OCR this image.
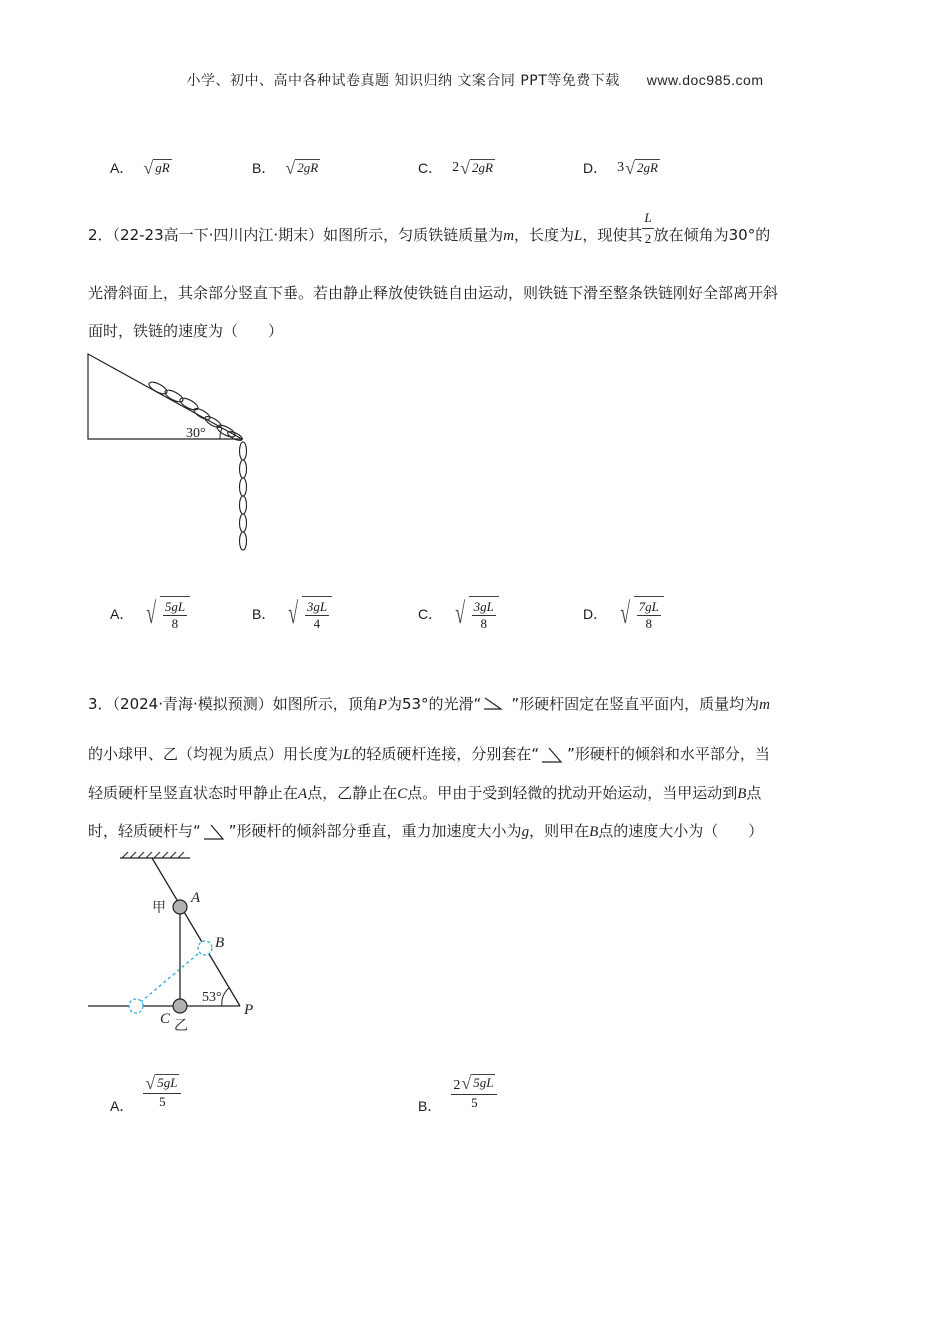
小学、初中、高中各种试卷真题 知识归纳 文案合同 PPT等免费下载 www.doc985.com
A． √ gR	B． √ 2gR	C． 2 √ 2gR	D． 3 √ 2gR
2．（22-23高一下·四川内江·期末）如图所示，匀质铁链质量为m，长度为L，现使其 $\frac{L}{2}$ 放在倾角为30°的
光滑斜面上，其余部分竖直下垂。若由静止释放使铁链自由运动，则铁链下滑至整条铁链刚好全部离开斜
面时，铁链的速度为（　　）
30°
A． √ $\frac{5gL}{8}$	B． √ $\frac{3gL}{4}$	C． √ $\frac{3gL}{8}$	D． √ $\frac{7gL}{8}$
3．（2024·青海·模拟预测）如图所示，顶角P为53°的光滑“ ”形硬杆固定在竖直平面内，质量均为m
的小球甲、乙（均视为质点）用长度为L的轻质硬杆连接，分别套在“ ”形硬杆的倾斜和水平部分，当
轻质硬杆呈竖直状态时甲静止在A点，乙静止在C点。甲由于受到轻微的扰动开始运动，当甲运动到B点
时，轻质硬杆与“ ”形硬杆的倾斜部分垂直，重力加速度大小为g，则甲在B点的速度大小为（　　）
甲
A
B
C 乙
P
53°
A． $\frac{√ 5gL}{5}$	B． $\frac{2 √ 5gL}{5}$
